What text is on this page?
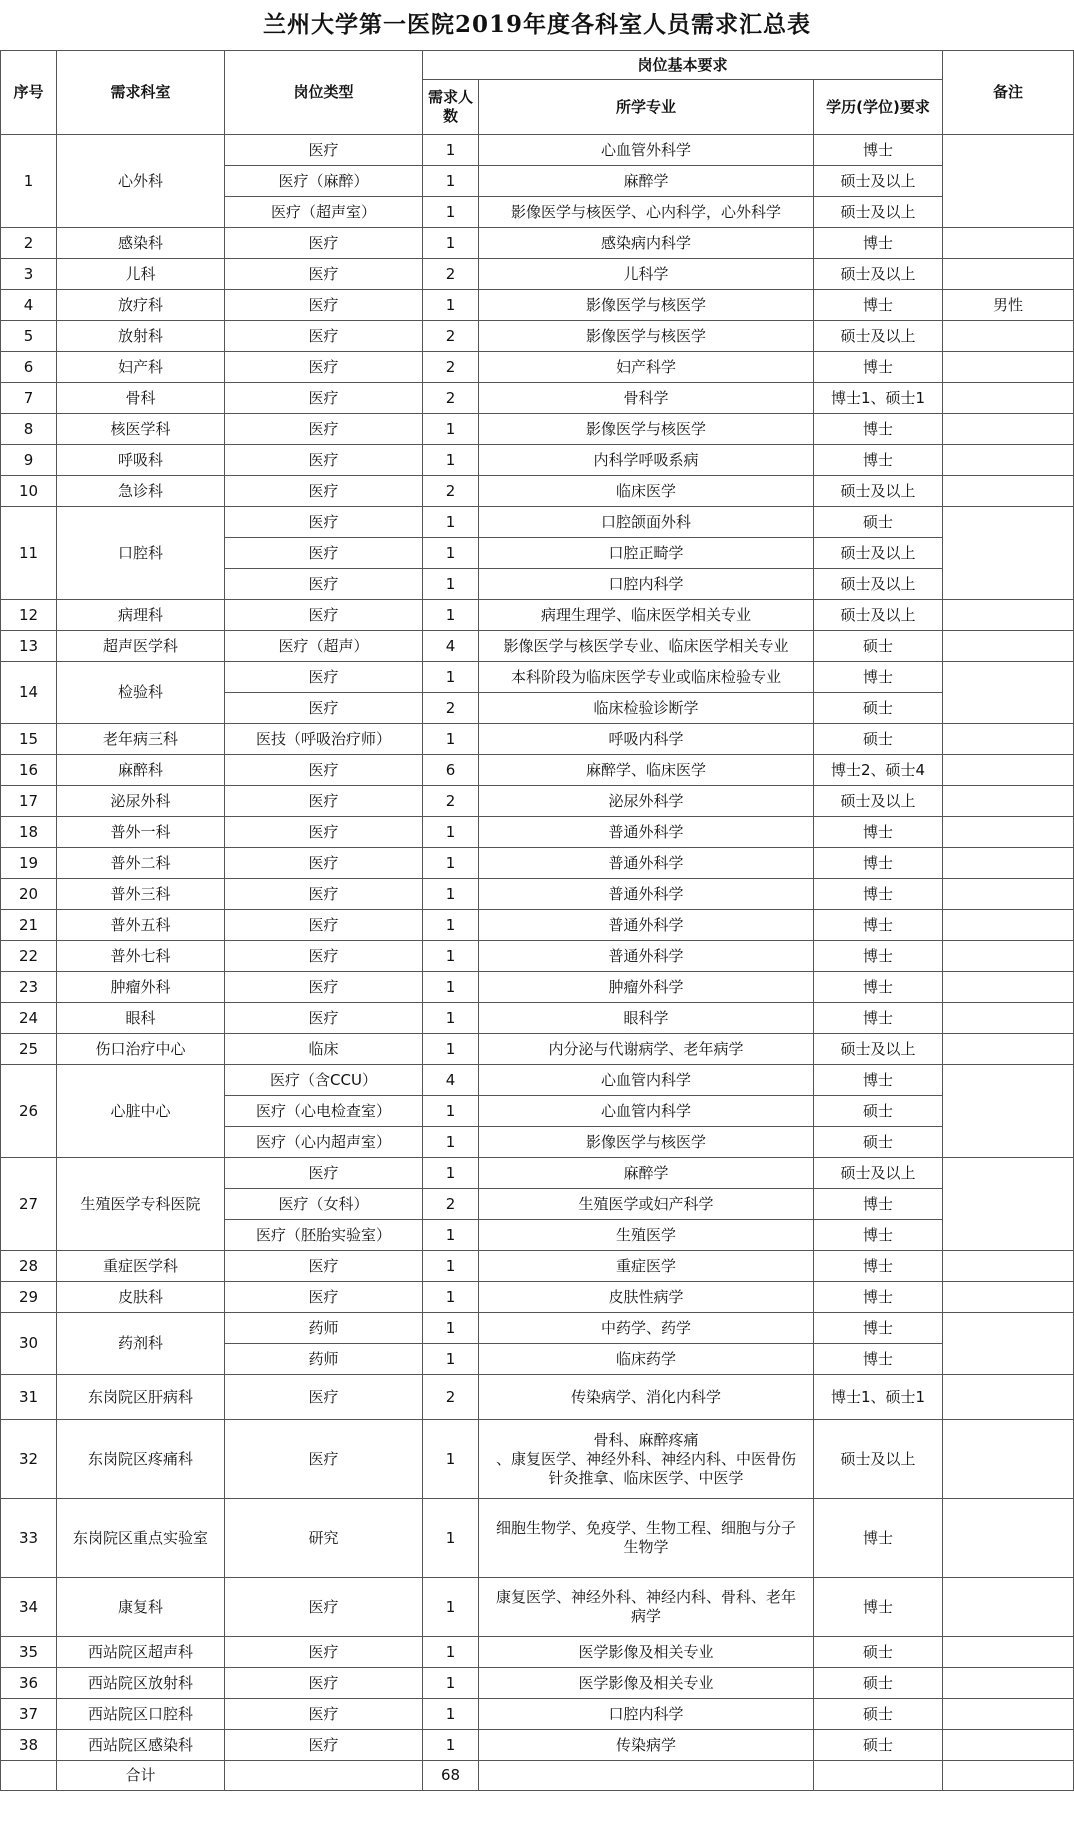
兰州大学第一医院2019年度各科室人员需求汇总表
序号	需求科室	岗位类型	岗位基本要求			备注
			需求人数	所学专业	学历(学位)要求	
1	心外科	医疗	1	心血管外科学	博士	
		医疗（麻醉）	1	麻醉学	硕士及以上	
		医疗（超声室）	1	影像医学与核医学、心内科学，心外科学	硕士及以上	
2	感染科	医疗	1	感染病内科学	博士	
3	儿科	医疗	2	儿科学	硕士及以上	
4	放疗科	医疗	1	影像医学与核医学	博士	男性
5	放射科	医疗	2	影像医学与核医学	硕士及以上	
6	妇产科	医疗	2	妇产科学	博士	
7	骨科	医疗	2	骨科学	博士1、硕士1	
8	核医学科	医疗	1	影像医学与核医学	博士	
9	呼吸科	医疗	1	内科学呼吸系病	博士	
10	急诊科	医疗	2	临床医学	硕士及以上	
11	口腔科	医疗	1	口腔颌面外科	硕士	
		医疗	1	口腔正畸学	硕士及以上	
		医疗	1	口腔内科学	硕士及以上	
12	病理科	医疗	1	病理生理学、临床医学相关专业	硕士及以上	
13	超声医学科	医疗（超声）	4	影像医学与核医学专业、临床医学相关专业	硕士	
14	检验科	医疗	1	本科阶段为临床医学专业或临床检验专业	博士	
		医疗	2	临床检验诊断学	硕士	
15	老年病三科	医技（呼吸治疗师）	1	呼吸内科学	硕士	
16	麻醉科	医疗	6	麻醉学、临床医学	博士2、硕士4	
17	泌尿外科	医疗	2	泌尿外科学	硕士及以上	
18	普外一科	医疗	1	普通外科学	博士	
19	普外二科	医疗	1	普通外科学	博士	
20	普外三科	医疗	1	普通外科学	博士	
21	普外五科	医疗	1	普通外科学	博士	
22	普外七科	医疗	1	普通外科学	博士	
23	肿瘤外科	医疗	1	肿瘤外科学	博士	
24	眼科	医疗	1	眼科学	博士	
25	伤口治疗中心	临床	1	内分泌与代谢病学、老年病学	硕士及以上	
26	心脏中心	医疗（含CCU）	4	心血管内科学	博士	
		医疗（心电检查室）	1	心血管内科学	硕士	
		医疗（心内超声室）	1	影像医学与核医学	硕士	
27	生殖医学专科医院	医疗	1	麻醉学	硕士及以上	
		医疗（女科）	2	生殖医学或妇产科学	博士	
		医疗（胚胎实验室）	1	生殖医学	博士	
28	重症医学科	医疗	1	重症医学	博士	
29	皮肤科	医疗	1	皮肤性病学	博士	
30	药剂科	药师	1	中药学、药学	博士	
		药师	1	临床药学	博士	
31	东岗院区肝病科	医疗	2	传染病学、消化内科学	博士1、硕士1	
32	东岗院区疼痛科	医疗	1	骨科、麻醉疼痛
、康复医学、神经外科、神经内科、中医骨伤
针灸推拿、临床医学、中医学	硕士及以上	
33	东岗院区重点实验室	研究	1	细胞生物学、免疫学、生物工程、细胞与分子
生物学	博士	
34	康复科	医疗	1	康复医学、神经外科、神经内科、骨科、老年
病学	博士	
35	西站院区超声科	医疗	1	医学影像及相关专业	硕士	
36	西站院区放射科	医疗	1	医学影像及相关专业	硕士	
37	西站院区口腔科	医疗	1	口腔内科学	硕士	
38	西站院区感染科	医疗	1	传染病学	硕士	
	合计		68			
